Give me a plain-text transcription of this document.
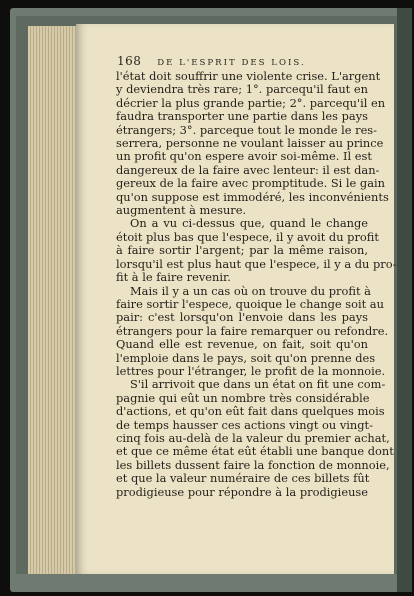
168 DE L'ESPRIT DES LOIS.
l'état doit souffrir une violente crise. L'argent
y deviendra très rare; 1°. parcequ'il faut en
décrier la plus grande partie; 2°. parcequ'il en
faudra transporter une partie dans les pays
étrangers; 3°. parceque tout le monde le res-
serrera, personne ne voulant laisser au prince
un profit qu'on espere avoir soi-même. Il est
dangereux de la faire avec lenteur: il est dan-
gereux de la faire avec promptitude. Si le gain
qu'on suppose est immodéré, les inconvénients
augmentent à mesure.
On a vu ci-dessus que, quand le change
étoit plus bas que l'espece, il y avoit du profit
à faire sortir l'argent; par la même raison,
lorsqu'il est plus haut que l'espece, il y a du pro-
fit à le faire revenir.
Mais il y a un cas où on trouve du profit à
faire sortir l'espece, quoique le change soit au
pair: c'est lorsqu'on l'envoie dans les pays
étrangers pour la faire remarquer ou refondre.
Quand elle est revenue, on fait, soit qu'on
l'emploie dans le pays, soit qu'on prenne des
lettres pour l'étranger, le profit de la monnoie.
S'il arrivoit que dans un état on fit une com-
pagnie qui eût un nombre très considérable
d'actions, et qu'on eût fait dans quelques mois
de temps hausser ces actions vingt ou vingt-
cinq fois au-delà de la valeur du premier achat,
et que ce même état eût établi une banque dont
les billets dussent faire la fonction de monnoie,
et que la valeur numéraire de ces billets fût
prodigieuse pour répondre à la prodigieuse
